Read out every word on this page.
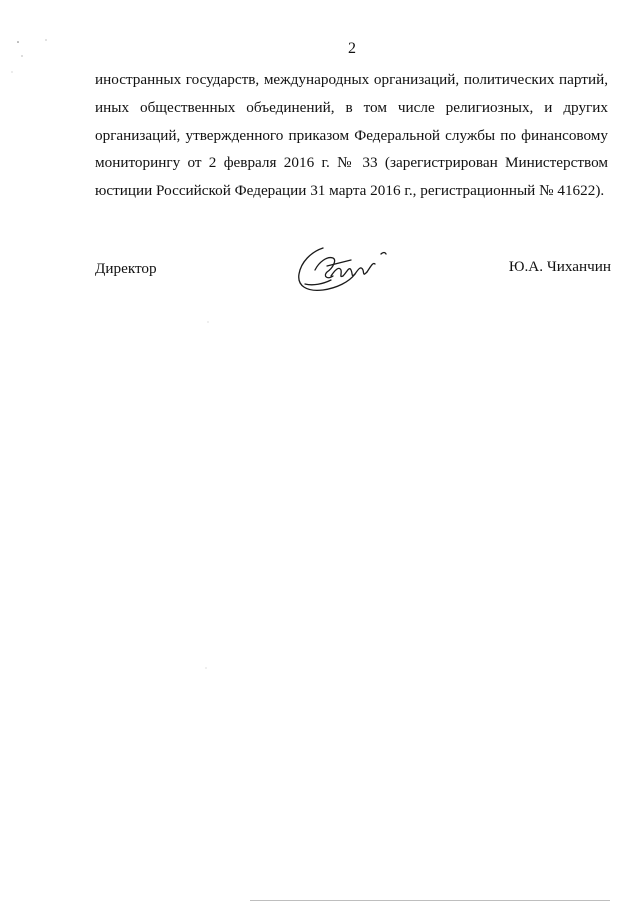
2
иностранных государств, международных организаций, политических партий,
иных общественных объединений, в том числе религиозных, и других
организаций, утвержденного приказом Федеральной службы по финансовому
мониторингу от 2 февраля 2016 г. № 33 (зарегистрирован Министерством
юстиции Российской Федерации 31 марта 2016 г., регистрационный № 41622).
Директор	Ю.А. Чиханчин
